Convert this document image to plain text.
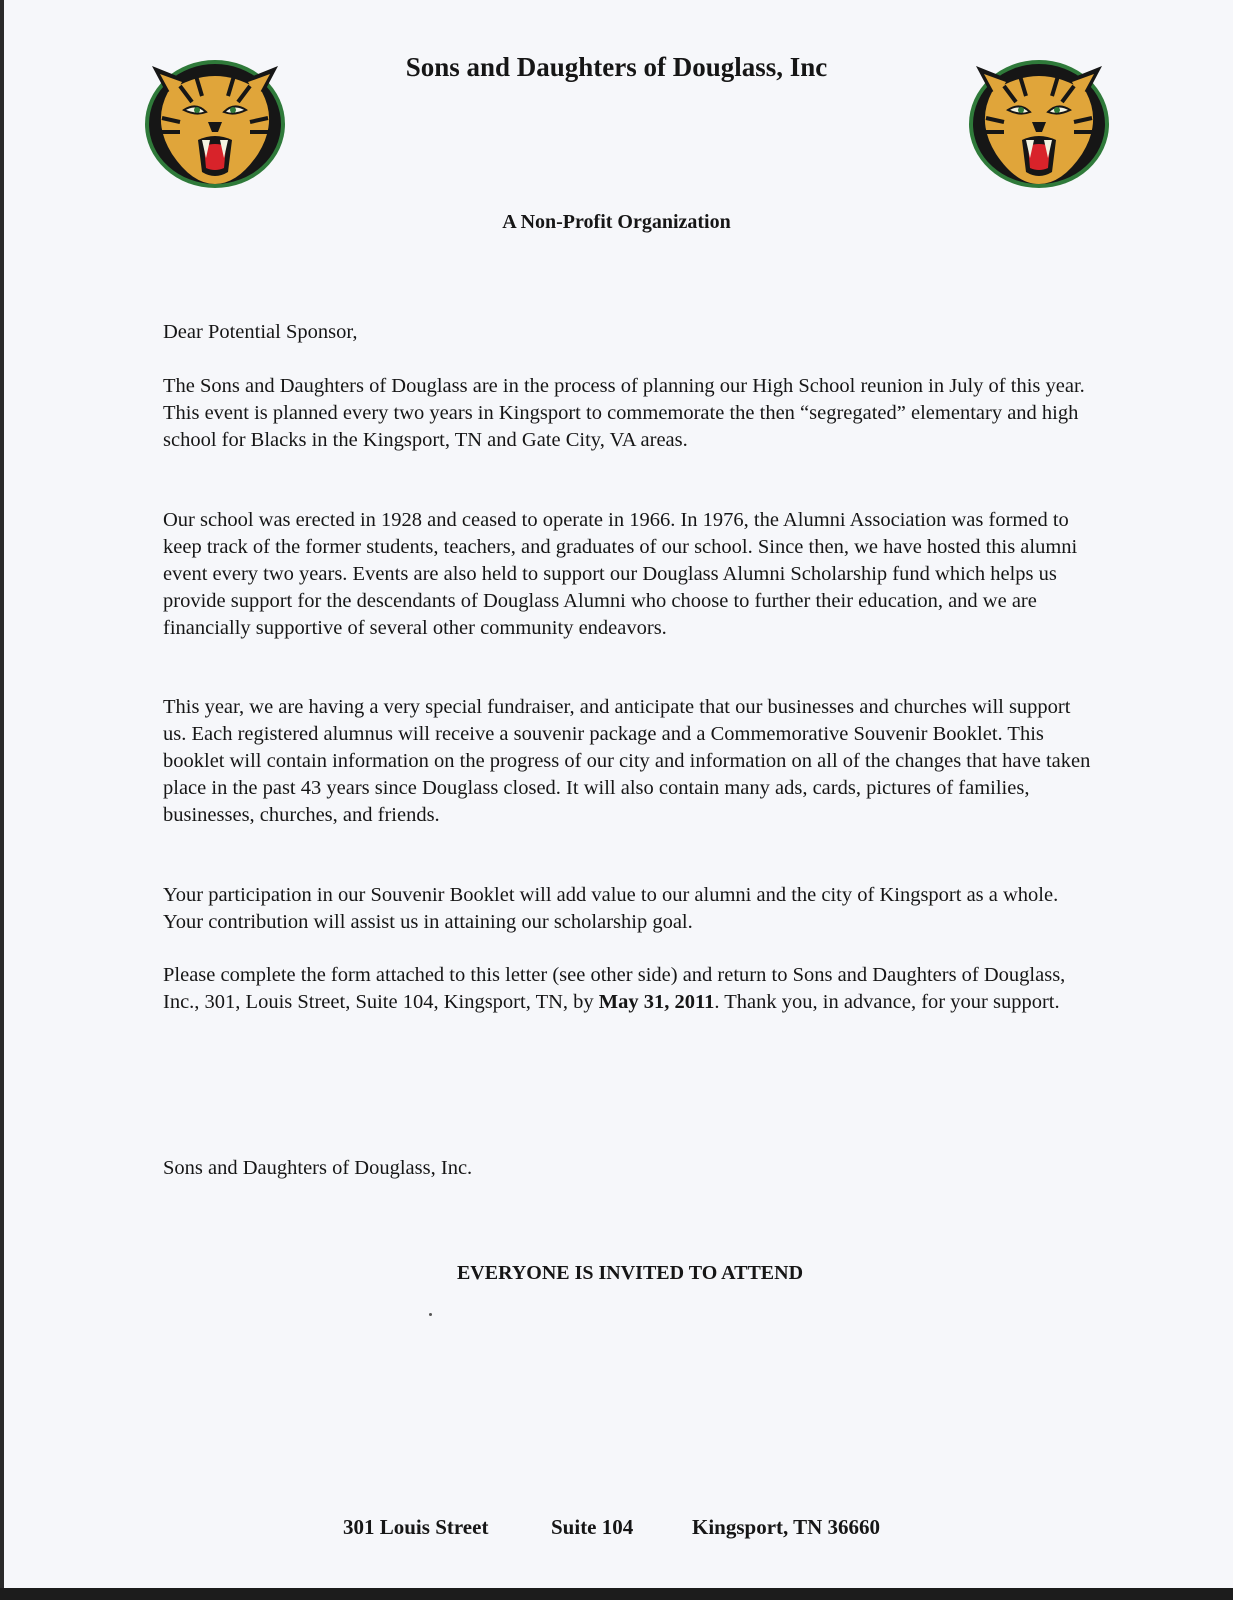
Sons and Daughters of Douglass, Inc
A Non-Profit Organization

Dear Potential Sponsor,

The Sons and Daughters of Douglass are in the process of planning our High School reunion in July of this year. This event is planned every two years in Kingsport to commemorate the then “segregated” elementary and high school for Blacks in the Kingsport, TN and Gate City, VA areas.

Our school was erected in 1928 and ceased to operate in 1966. In 1976, the Alumni Association was formed to keep track of the former students, teachers, and graduates of our school. Since then, we have hosted this alumni event every two years. Events are also held to support our Douglass Alumni Scholarship fund which helps us provide support for the descendants of Douglass Alumni who choose to further their education, and we are financially supportive of several other community endeavors.

This year, we are having a very special fundraiser, and anticipate that our businesses and churches will support us. Each registered alumnus will receive a souvenir package and a Commemorative Souvenir Booklet. This booklet will contain information on the progress of our city and information on all of the changes that have taken place in the past 43 years since Douglass closed. It will also contain many ads, cards, pictures of families, businesses, churches, and friends.

Your participation in our Souvenir Booklet will add value to our alumni and the city of Kingsport as a whole. Your contribution will assist us in attaining our scholarship goal.

Please complete the form attached to this letter (see other side) and return to Sons and Daughters of Douglass, Inc., 301, Louis Street, Suite 104, Kingsport, TN, by May 31, 2011. Thank you, in advance, for your support.

Sons and Daughters of Douglass, Inc.

EVERYONE IS INVITED TO ATTEND

301 Louis Street	Suite 104	Kingsport, TN 36660
